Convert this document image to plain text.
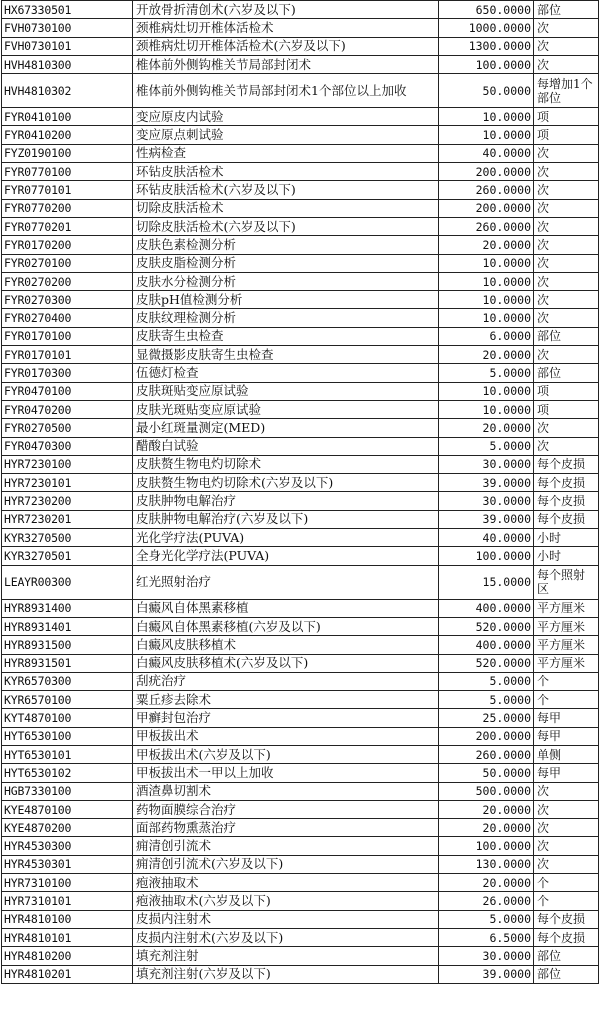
HX67330501	开放骨折清创术(六岁及以下)	650.0000	部位
FVH0730100	颈椎病灶切开椎体活检术	1000.0000	次
FVH0730101	颈椎病灶切开椎体活检术(六岁及以下)	1300.0000	次
HVH4810300	椎体前外侧钩椎关节局部封闭术	100.0000	次
HVH4810302	椎体前外侧钩椎关节局部封闭术1个部位以上加收	50.0000	每增加1个部位
FYR0410100	变应原皮内试验	10.0000	项
FYR0410200	变应原点刺试验	10.0000	项
FYZ0190100	性病检查	40.0000	次
FYR0770100	环钻皮肤活检术	200.0000	次
FYR0770101	环钻皮肤活检术(六岁及以下)	260.0000	次
FYR0770200	切除皮肤活检术	200.0000	次
FYR0770201	切除皮肤活检术(六岁及以下)	260.0000	次
FYR0170200	皮肤色素检测分析	20.0000	次
FYR0270100	皮肤皮脂检测分析	10.0000	次
FYR0270200	皮肤水分检测分析	10.0000	次
FYR0270300	皮肤pH值检测分析	10.0000	次
FYR0270400	皮肤纹理检测分析	10.0000	次
FYR0170100	皮肤寄生虫检查	6.0000	部位
FYR0170101	显微摄影皮肤寄生虫检查	20.0000	次
FYR0170300	伍德灯检查	5.0000	部位
FYR0470100	皮肤斑贴变应原试验	10.0000	项
FYR0470200	皮肤光斑贴变应原试验	10.0000	项
FYR0270500	最小红斑量测定(MED)	20.0000	次
FYR0470300	醋酸白试验	5.0000	次
HYR7230100	皮肤赘生物电灼切除术	30.0000	每个皮损
HYR7230101	皮肤赘生物电灼切除术(六岁及以下)	39.0000	每个皮损
HYR7230200	皮肤肿物电解治疗	30.0000	每个皮损
HYR7230201	皮肤肿物电解治疗(六岁及以下)	39.0000	每个皮损
KYR3270500	光化学疗法(PUVA)	40.0000	小时
KYR3270501	全身光化学疗法(PUVA)	100.0000	小时
LEAYR00300	红光照射治疗	15.0000	每个照射区
HYR8931400	白癜风自体黑素移植	400.0000	平方厘米
HYR8931401	白癜风自体黑素移植(六岁及以下)	520.0000	平方厘米
HYR8931500	白癜风皮肤移植术	400.0000	平方厘米
HYR8931501	白癜风皮肤移植术(六岁及以下)	520.0000	平方厘米
KYR6570300	刮疣治疗	5.0000	个
KYR6570100	粟丘疹去除术	5.0000	个
KYT4870100	甲癣封包治疗	25.0000	每甲
HYT6530100	甲板拔出术	200.0000	每甲
HYT6530101	甲板拔出术(六岁及以下)	260.0000	单侧
HYT6530102	甲板拔出术一甲以上加收	50.0000	每甲
HGB7330100	酒渣鼻切割术	500.0000	次
KYE4870100	药物面膜综合治疗	20.0000	次
KYE4870200	面部药物熏蒸治疗	20.0000	次
HYR4530300	痈清创引流术	100.0000	次
HYR4530301	痈清创引流术(六岁及以下)	130.0000	次
HYR7310100	疱液抽取术	20.0000	个
HYR7310101	疱液抽取术(六岁及以下)	26.0000	个
HYR4810100	皮损内注射术	5.0000	每个皮损
HYR4810101	皮损内注射术(六岁及以下)	6.5000	每个皮损
HYR4810200	填充剂注射	30.0000	部位
HYR4810201	填充剂注射(六岁及以下)	39.0000	部位
